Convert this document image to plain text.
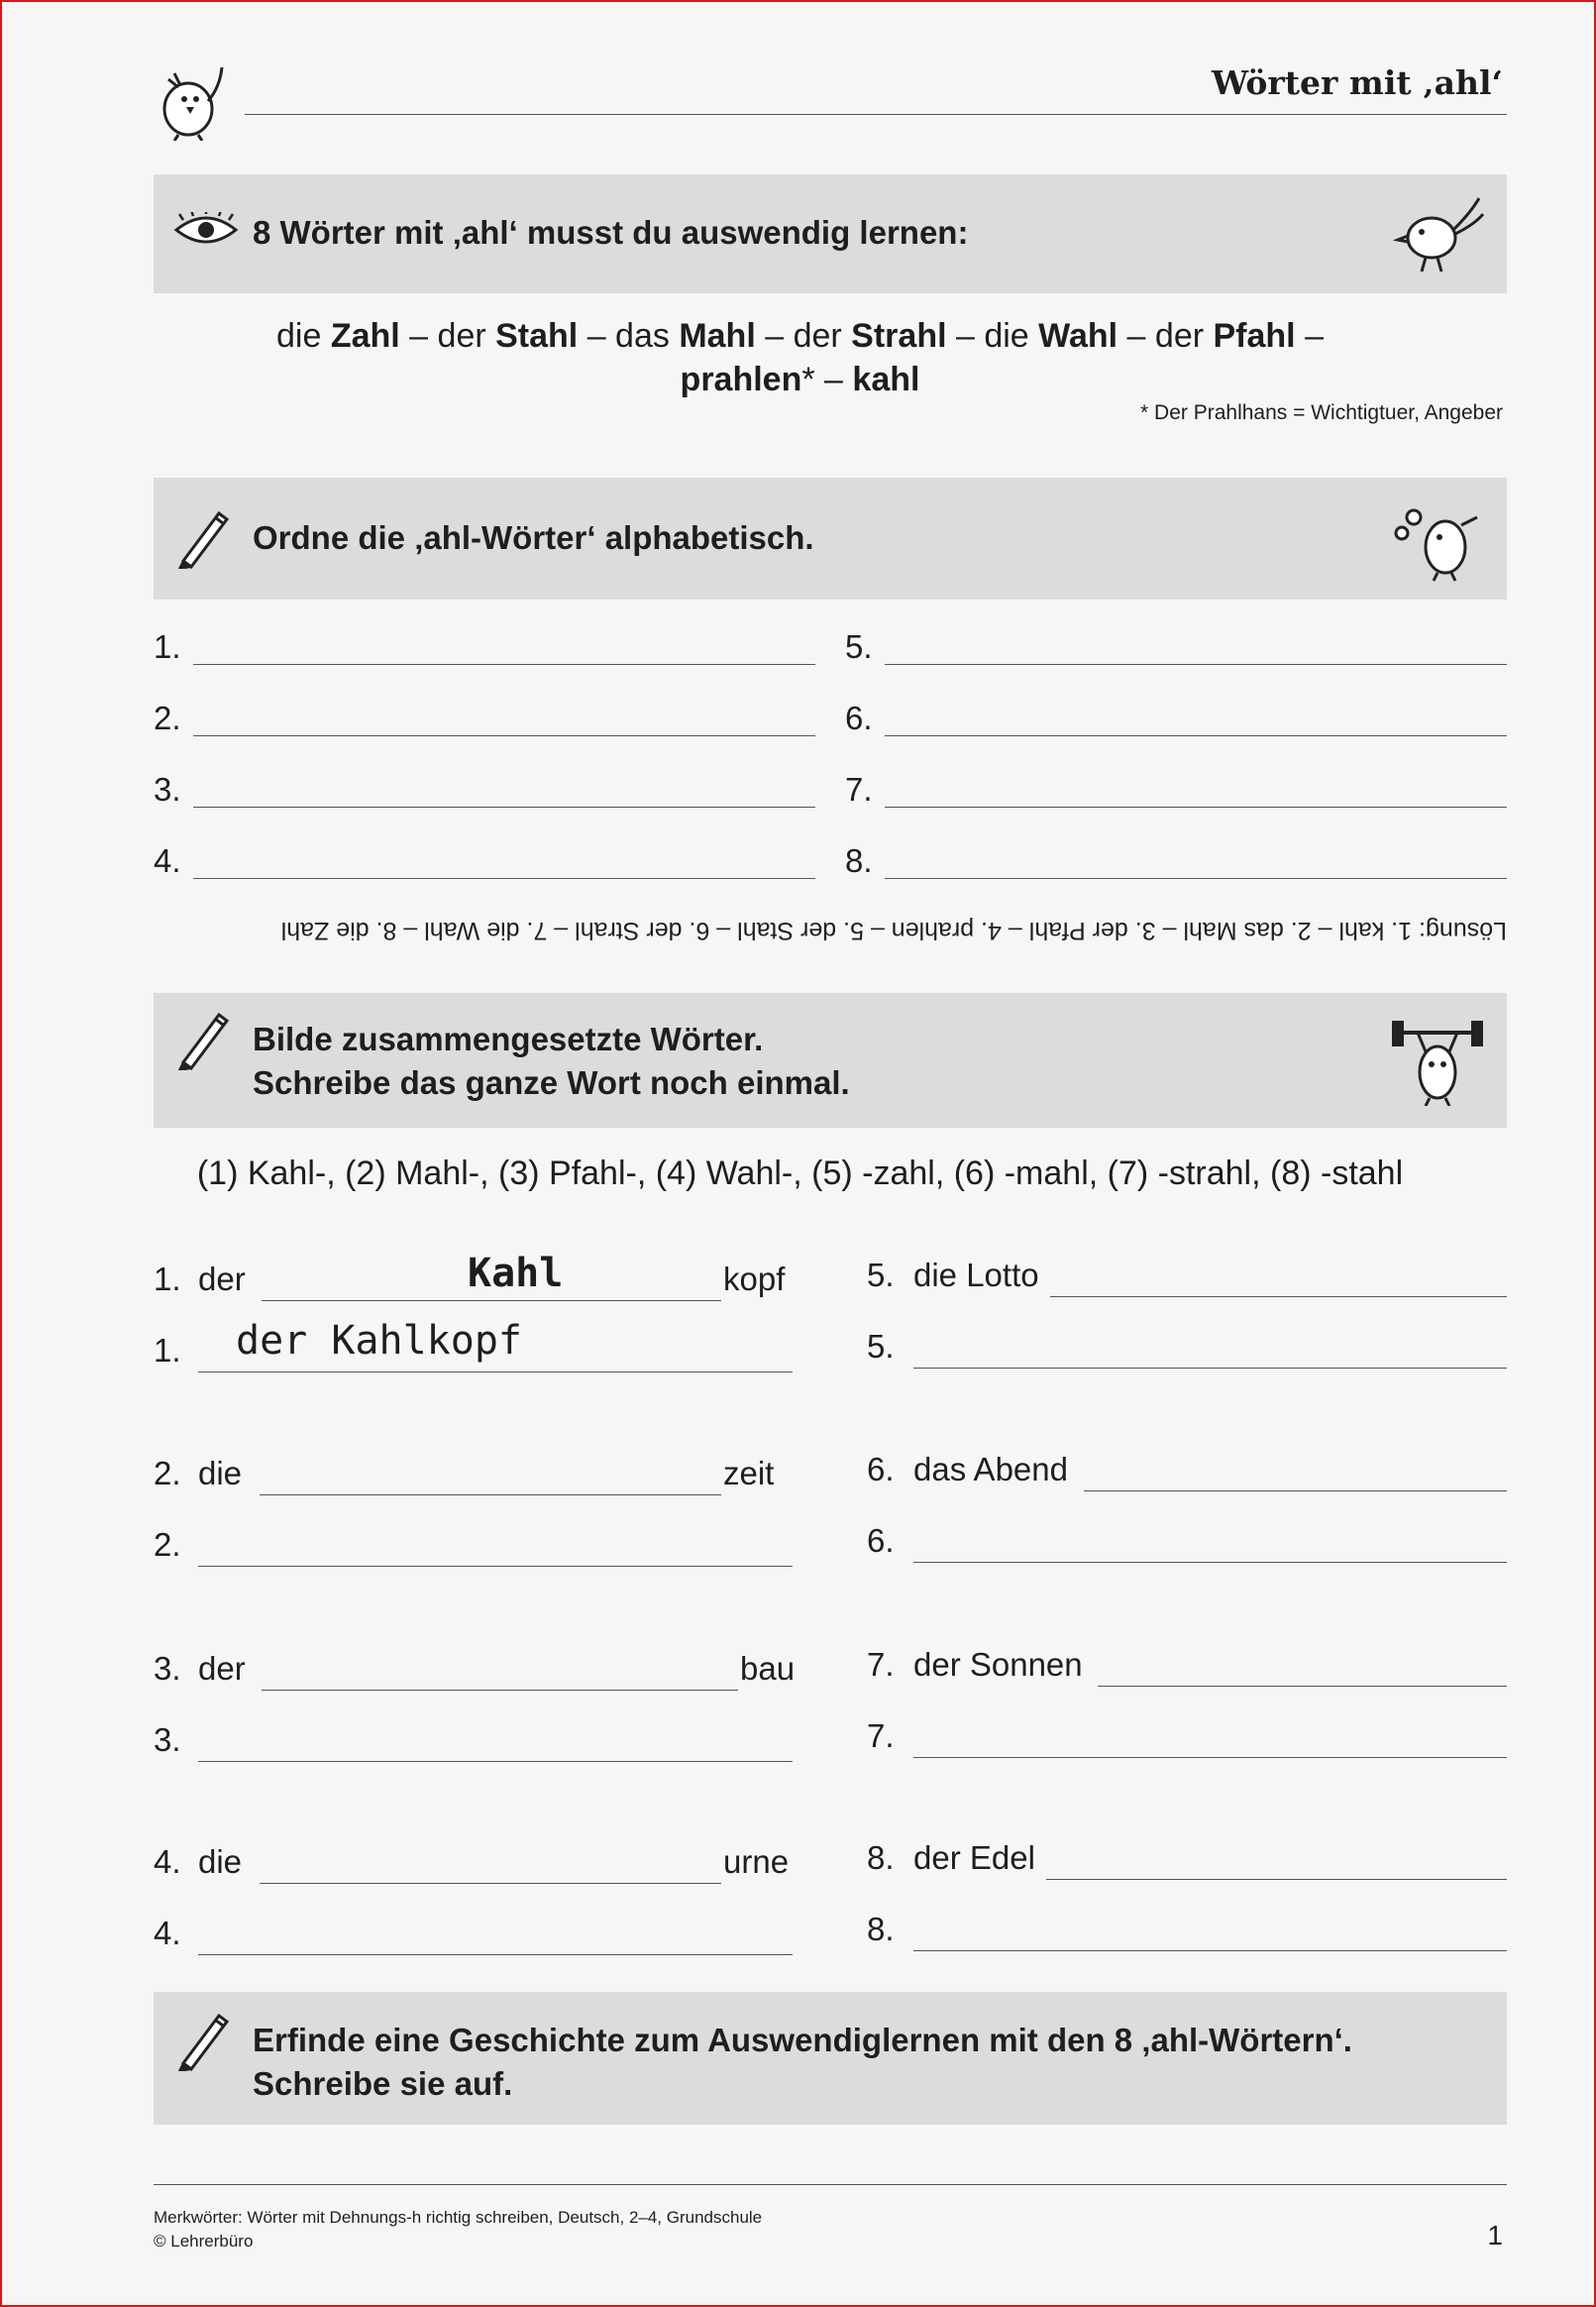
Wörter mit ‚ahl‘
8 Wörter mit ‚ahl‘ musst du auswendig lernen:
die Zahl – der Stahl – das Mahl – der Strahl – die Wahl – der Pfahl –
prahlen* – kahl
* Der Prahlhans = Wichtigtuer, Angeber
Ordne die ‚ahl-Wörter‘ alphabetisch.
1.
2.
3.
4.
5.
6.
7.
8.
Lösung: 1. kahl – 2. das Mahl – 3. der Pfahl – 4. prahlen – 5. der Stahl – 6. der Strahl – 7. die Wahl – 8. die Zahl
Bilde zusammengesetzte Wörter.
Schreibe das ganze Wort noch einmal.
(1) Kahl-, (2) Mahl-, (3) Pfahl-, (4) Wahl-, (5) -zahl, (6) -mahl, (7) -strahl, (8) -stahl
1. der	kopf
Kahl
1. der Kahlkopf
2. die	zeit
2.
3. der	bau
3.
4. die	urne
4.
5. die Lotto
5.
6. das Abend
6.
7. der Sonnen
7.
8. der Edel
8.
Erfinde eine Geschichte zum Auswendiglernen mit den 8 ‚ahl-Wörtern‘.
Schreibe sie auf.
Merkwörter: Wörter mit Dehnungs-h richtig schreiben, Deutsch, 2–4, Grundschule
© Lehrerbüro	1
